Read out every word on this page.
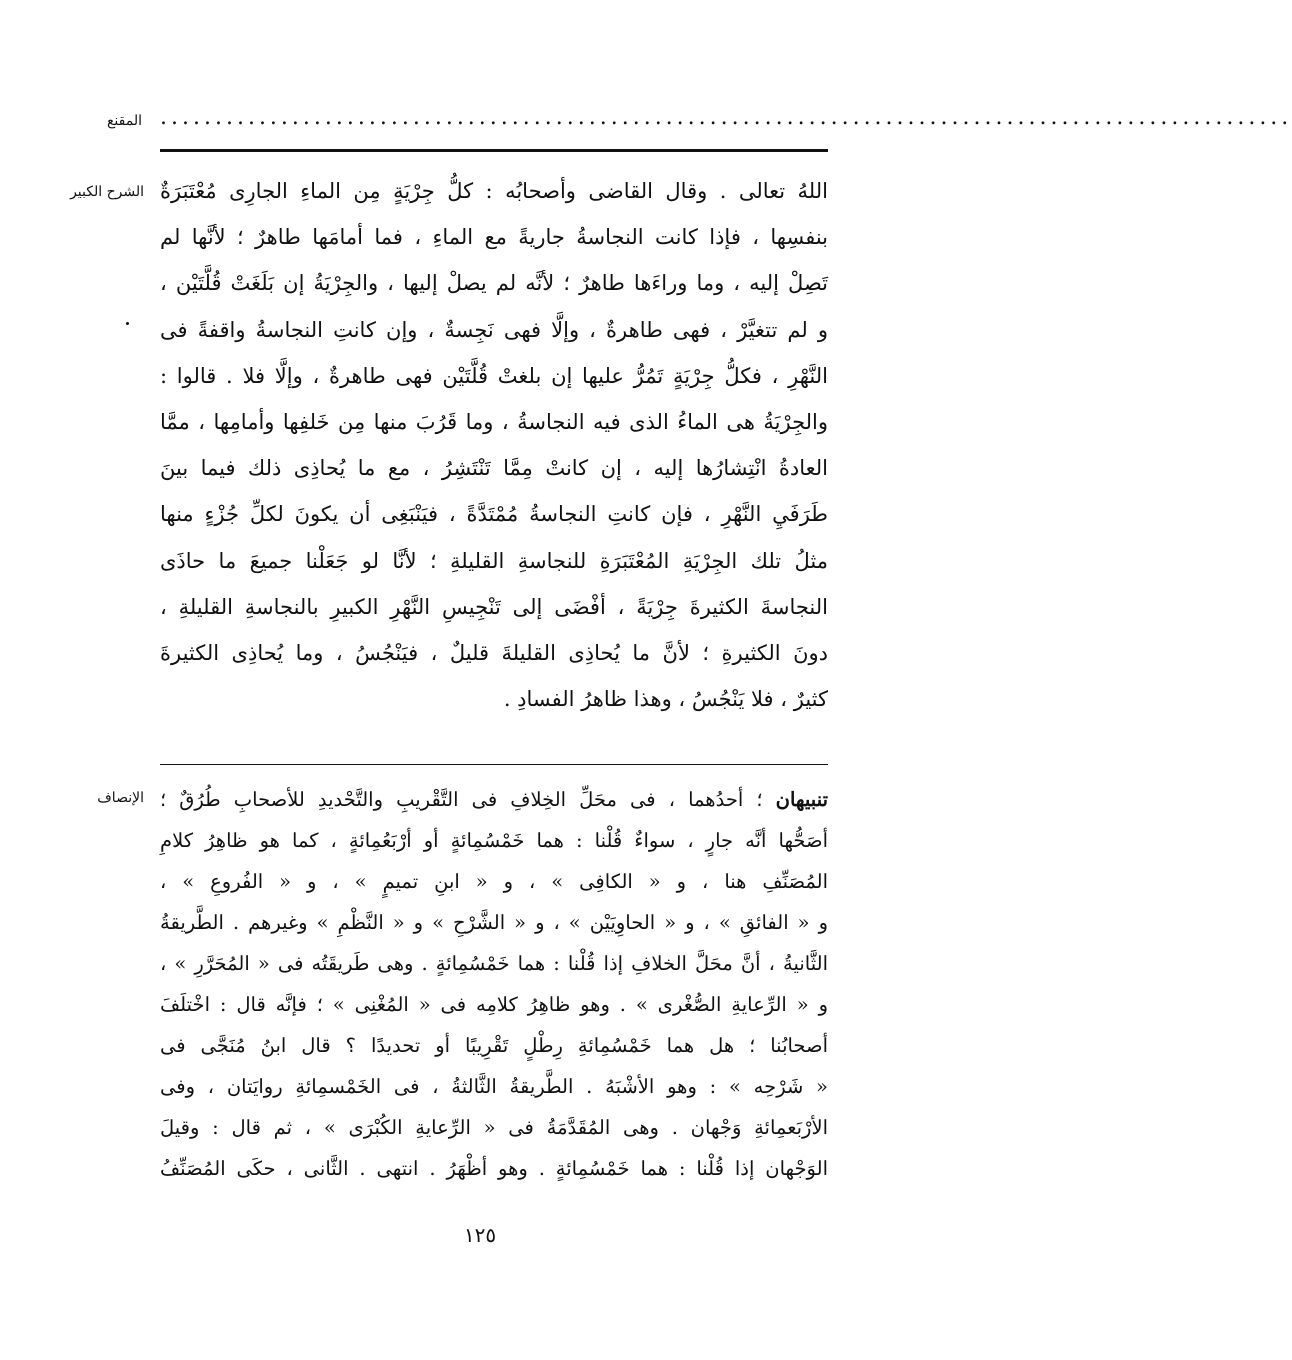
المقنع .......................................................................................................
الشرح الكبير اللهُ تعالى . وقال القاضى وأصحابُه : كلُّ جِرْيَةٍ مِن الماءِ الجارِى مُعْتَبَرَةٌ
بنفسِها ، فإذا كانت النجاسةُ جاريةً مع الماءِ ، فما أمامَها طاهرٌ ؛ لأنَّها لم
تَصِلْ إليه ، وما وراءَها طاهرٌ ؛ لأنَّه لم يصلْ إليها ، والجِرْيَةُ إن بَلَغَتْ قُلَّتَيْن ،
و لم تتغيَّرْ ، فهى طاهرةٌ ، وإلَّا فهى نَجِسةٌ ، وإن كانتِ النجاسةُ واقفةً فى
النَّهْرِ ، فكلُّ جِرْيَةٍ تَمُرُّ عليها إن بلغتْ قُلَّتَيْن فهى طاهرةٌ ، وإلَّا فلا . قالوا :
والجِرْيَةُ هى الماءُ الذى فيه النجاسةُ ، وما قَرُبَ منها مِن خَلفِها وأمامِها ، ممَّا
العادةُ انْتِشارُها إليه ، إن كانتْ مِمَّا تَنْتَشِرُ ، مع ما يُحاذِى ذلك فيما بينَ
طَرَفَيِ النَّهْرِ ، فإن كانتِ النجاسةُ مُمْتَدَّةً ، فيَنْبَغِى أن يكونَ لكلِّ جُزْءٍ منها
مثلُ تلك الجِرْيَةِ المُعْتَبَرَةِ للنجاسةِ القليلةِ ؛ لأنَّا لو جَعَلْنا جميعَ ما حاذَى
النجاسةَ الكثيرةَ جِرْيَةً ، أفْضَى إلى تَنْجِيسِ النَّهْرِ الكبيرِ بالنجاسةِ القليلةِ ،
دونَ الكثيرةِ ؛ لأنَّ ما يُحاذِى القليلةَ قليلٌ ، فيَنْجُسُ ، وما يُحاذِى الكثيرةَ
كثيرٌ ، فلا يَنْجُسُ ، وهذا ظاهرُ الفسادِ .
الإنصاف	تنبيهان ؛ أحدُهما ، فى محَلِّ الخِلافِ فى التَّقْريبِ والتَّحْديدِ للأصحابِ طُرُقٌ ؛
أصَحُّها أنَّه جارٍ ، سواءٌ قُلْنا : هما خَمْسُمِائةٍ أو أرْبَعُمِائةٍ ، كما هو ظاهِرُ كلامِ
المُصَنِّفِ هنا ، و « الكافِى » ، و « ابنِ تميمٍ » ، و « الفُروعِ » ،
و « الفائقِ » ، و « الحاوِيَيْن » ، و « الشَّرْحِ » و « النَّظْمِ » وغيرهم . الطَّريقةُ
الثَّانيةُ ، أنَّ محَلَّ الخلافِ إذا قُلْنا : هما خَمْسُمِائةٍ . وهى طَريقَتُه فى « المُحَرَّرِ » ،
و « الرِّعايةِ الصُّغْرى » . وهو ظاهِرُ كلامِه فى « المُغْنِى » ؛ فإنَّه قال : اخْتلَفَ
أصحابُنا ؛ هل هما خَمْسُمِائةِ رِطْلٍ تَقْرِيبًا أو تحديدًا ؟ قال ابنُ مُنَجَّى فى
« شَرْحِه » : وهو الأشْبَهُ . الطَّريقةُ الثَّالثةُ ، فى الخَمْسمِائةِ روايَتان ، وفى
الأرْبَعمِائةِ وَجْهان . وهى المُقَدَّمَةُ فى « الرِّعايةِ الكُبْرَى » ، ثم قال : وقيلَ
الوَجْهان إذا قُلْنا : هما خَمْسُمِائةٍ . وهو أظْهَرُ . انتهى . الثَّانى ، حكَى المُصَنِّفُ
١٢٥
